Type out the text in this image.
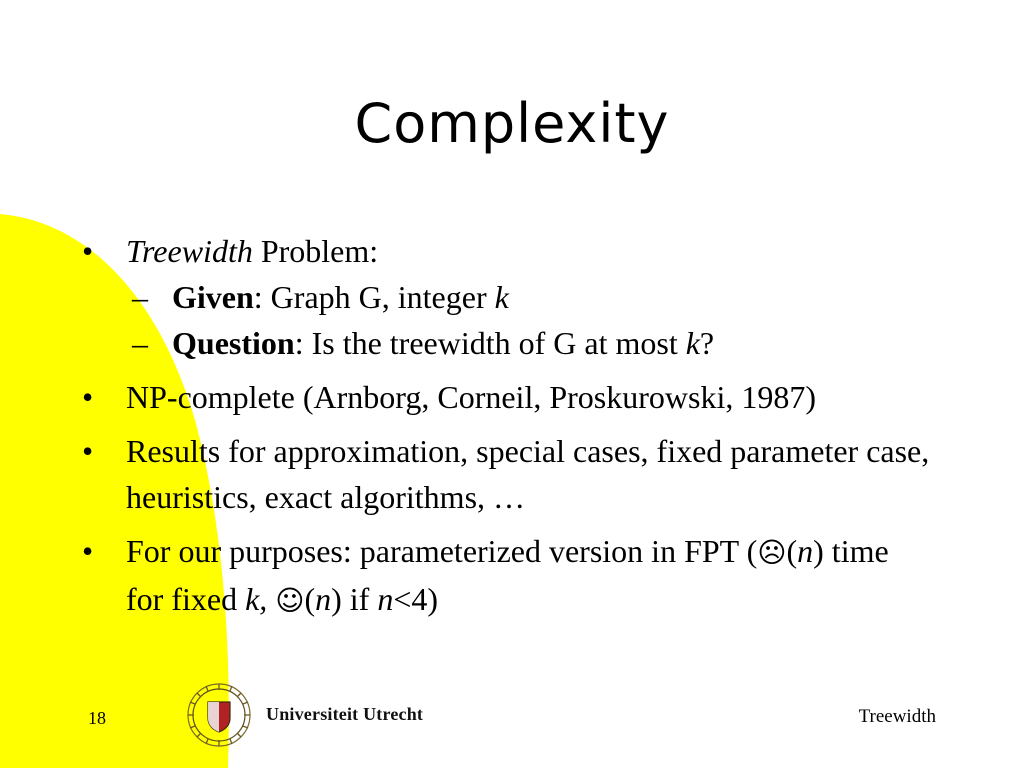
Complexity
• Treewidth Problem:
– Given: Graph G, integer k
– Question: Is the treewidth of G at most k?
• NP-complete (Arnborg, Corneil, Proskurowski, 1987)
• Results for approximation, special cases, fixed parameter case, heuristics, exact algorithms, …
• For our purposes: parameterized version in FPT (☹(n) time for fixed k, ☺(n) if n<4)
18	Universiteit Utrecht	Treewidth
